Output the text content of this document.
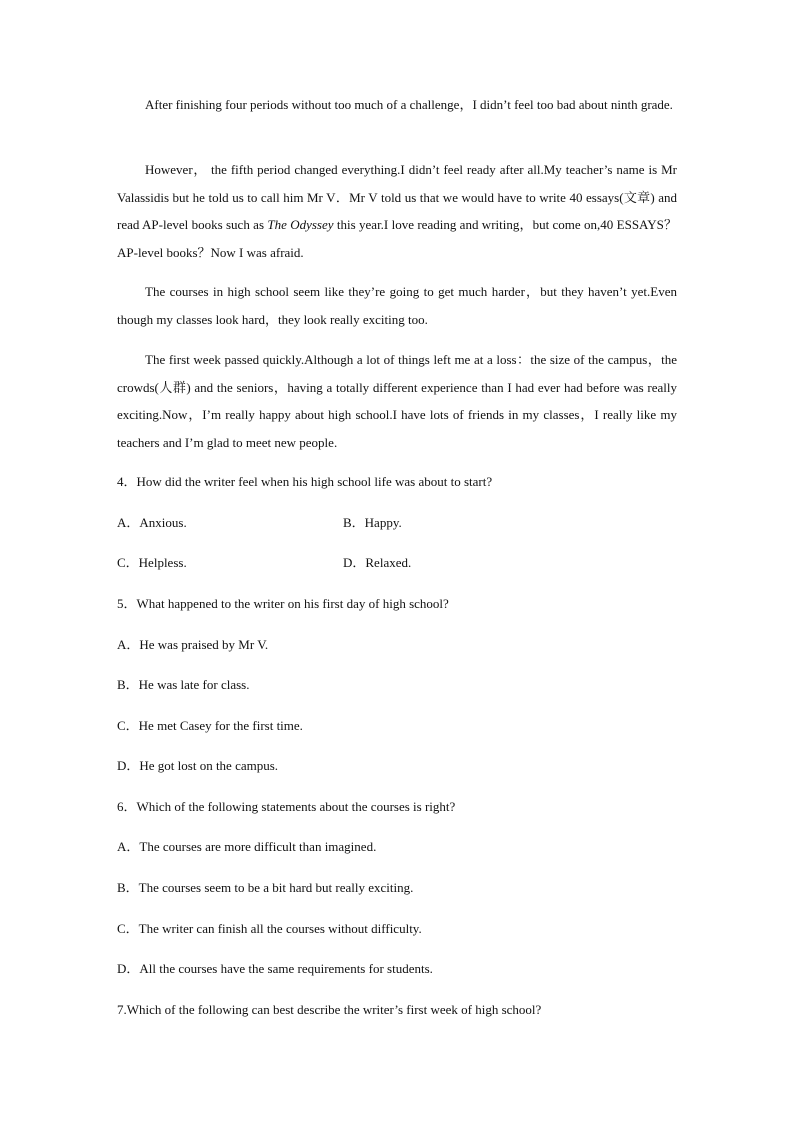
After finishing four periods without too much of a challenge，I didn’t feel too bad about ninth grade.

However， the fifth period changed everything.I didn’t feel ready after all.My teacher’s name is Mr Valassidis but he told us to call him Mr V．Mr V told us that we would have to write 40 essays(文章) and read AP-level books such as The Odyssey this year.I love reading and writing，but come on,40 ESSAYS？AP-level books？Now I was afraid.

The courses in high school seem like they’re going to get much harder，but they haven’t yet.Even though my classes look hard，they look really exciting too.

The first week passed quickly.Although a lot of things left me at a loss：the size of the campus，the crowds(人群) and the seniors，having a totally different experience than I had ever had before was really exciting.Now，I’m really happy about high school.I have lots of friends in my classes，I really like my teachers and I’m glad to meet new people.

4．How did the writer feel when his high school life was about to start?
A．Anxious.	B．Happy.
C．Helpless.	D．Relaxed.
5．What happened to the writer on his first day of high school?
A．He was praised by Mr V.
B．He was late for class.
C．He met Casey for the first time.
D．He got lost on the campus.
6．Which of the following statements about the courses is right?
A．The courses are more difficult than imagined.
B．The courses seem to be a bit hard but really exciting.
C．The writer can finish all the courses without difficulty.
D．All the courses have the same requirements for students.
7.Which of the following can best describe the writer’s first week of high school?
